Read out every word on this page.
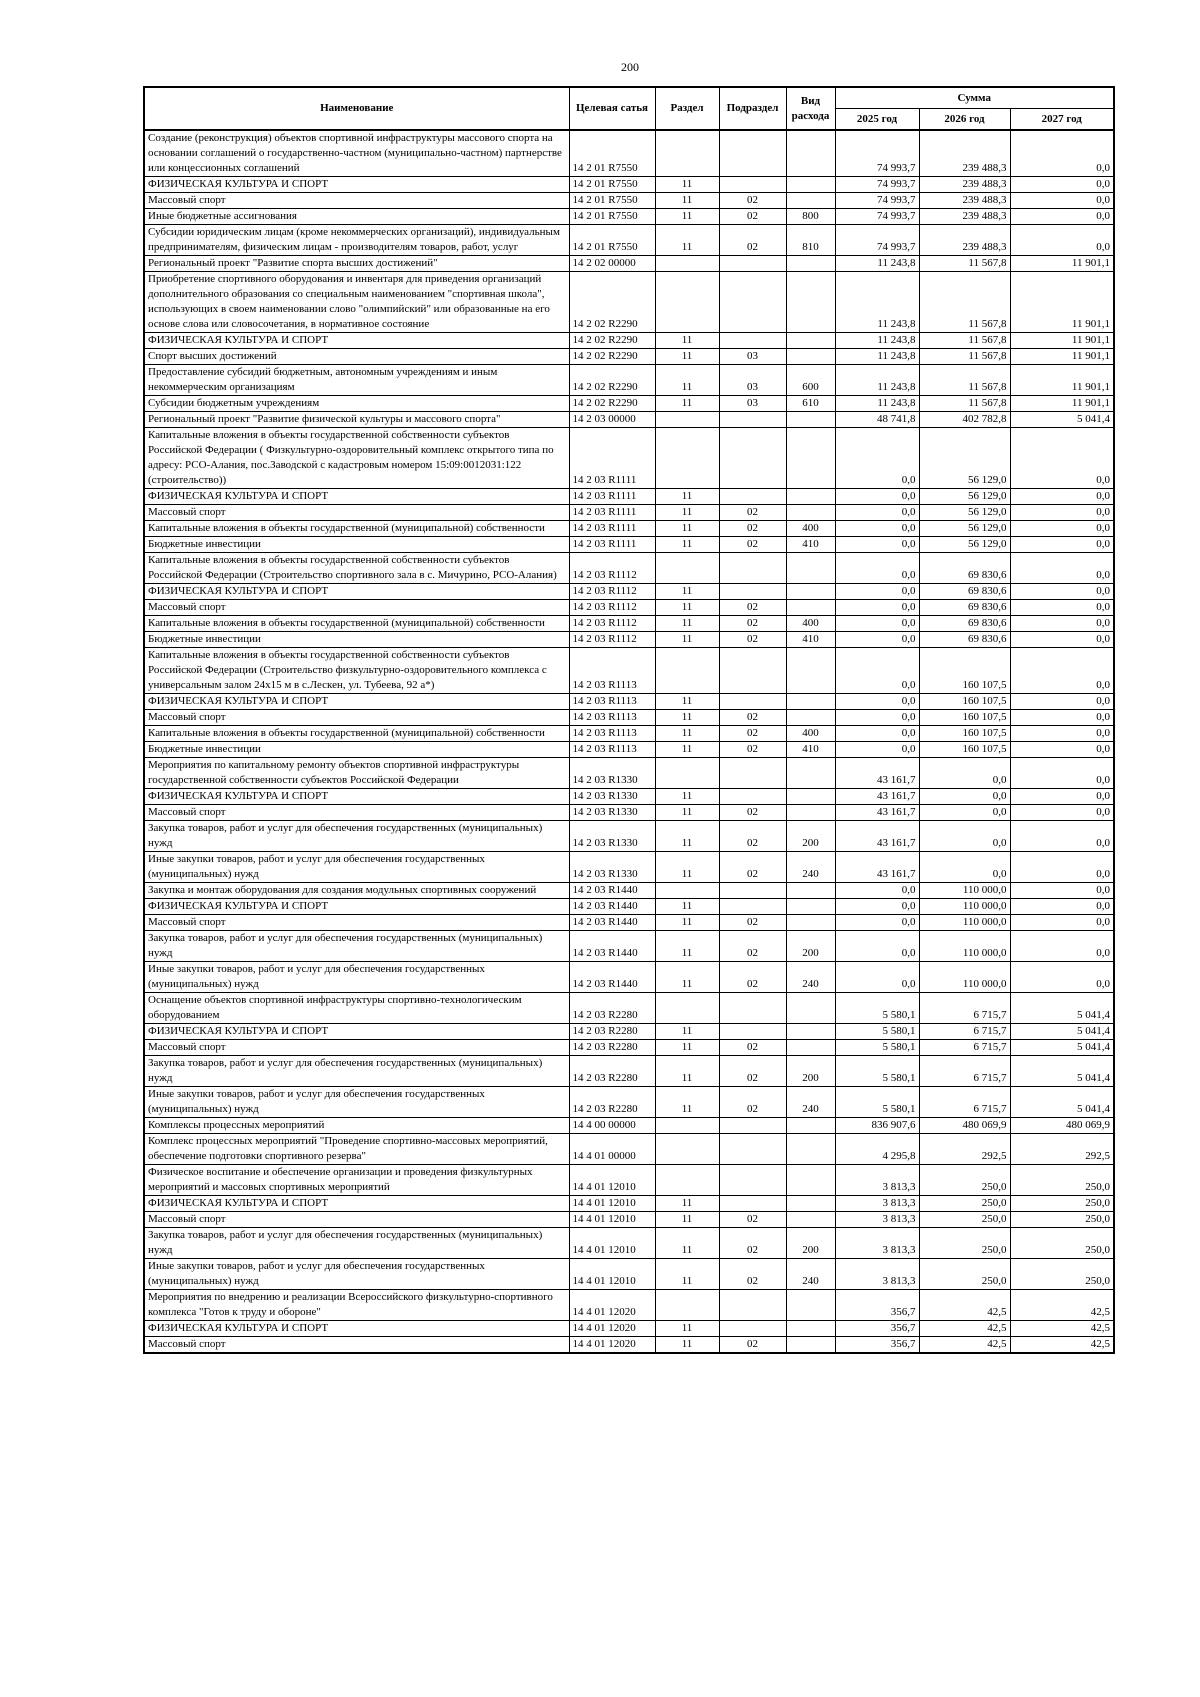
200
Наименование	Целевая сатья	Раздел	Подраздел	Вид расхода	Сумма		
					2025 год	2026 год	2027 год
Создание (реконструкция) объектов спортивной инфраструктуры массового спорта на основании соглашений о государственно-частном (муниципально-частном) партнерстве или концессионных соглашений	14 2 01 R7550				74 993,7	239 488,3	0,0
ФИЗИЧЕСКАЯ КУЛЬТУРА И СПОРТ	14 2 01 R7550	11			74 993,7	239 488,3	0,0
Массовый спорт	14 2 01 R7550	11	02		74 993,7	239 488,3	0,0
Иные бюджетные ассигнования	14 2 01 R7550	11	02	800	74 993,7	239 488,3	0,0
Субсидии юридическим лицам (кроме некоммерческих организаций), индивидуальным предпринимателям, физическим лицам - производителям товаров, работ, услуг	14 2 01 R7550	11	02	810	74 993,7	239 488,3	0,0
Региональный проект "Развитие спорта высших достижений"	14 2 02 00000				11 243,8	11 567,8	11 901,1
Приобретение спортивного оборудования и инвентаря для приведения организаций дополнительного образования со специальным наименованием "спортивная школа", использующих в своем наименовании слово "олимпийский" или образованные на его основе слова или словосочетания, в нормативное состояние	14 2 02 R2290				11 243,8	11 567,8	11 901,1
ФИЗИЧЕСКАЯ КУЛЬТУРА И СПОРТ	14 2 02 R2290	11			11 243,8	11 567,8	11 901,1
Спорт высших достижений	14 2 02 R2290	11	03		11 243,8	11 567,8	11 901,1
Предоставление субсидий бюджетным, автономным учреждениям и иным некоммерческим организациям	14 2 02 R2290	11	03	600	11 243,8	11 567,8	11 901,1
Субсидии бюджетным учреждениям	14 2 02 R2290	11	03	610	11 243,8	11 567,8	11 901,1
Региональный проект "Развитие физической культуры и массового спорта"	14 2 03 00000				48 741,8	402 782,8	5 041,4
Капитальные вложения в объекты государственной собственности субъектов Российской Федерации ( Физкультурно-оздоровительный комплекс открытого типа по адресу: РСО-Алания, пос.Заводской с кадастровым номером 15:09:0012031:122 (строительство))	14 2 03 R1111				0,0	56 129,0	0,0
ФИЗИЧЕСКАЯ КУЛЬТУРА И СПОРТ	14 2 03 R1111	11			0,0	56 129,0	0,0
Массовый спорт	14 2 03 R1111	11	02		0,0	56 129,0	0,0
Капитальные вложения в объекты государственной (муниципальной) собственности	14 2 03 R1111	11	02	400	0,0	56 129,0	0,0
Бюджетные инвестиции	14 2 03 R1111	11	02	410	0,0	56 129,0	0,0
Капитальные вложения в объекты государственной собственности субъектов Российской Федерации (Строительство спортивного зала в с. Мичурино, РСО-Алания)	14 2 03 R1112				0,0	69 830,6	0,0
ФИЗИЧЕСКАЯ КУЛЬТУРА И СПОРТ	14 2 03 R1112	11			0,0	69 830,6	0,0
Массовый спорт	14 2 03 R1112	11	02		0,0	69 830,6	0,0
Капитальные вложения в объекты государственной (муниципальной) собственности	14 2 03 R1112	11	02	400	0,0	69 830,6	0,0
Бюджетные инвестиции	14 2 03 R1112	11	02	410	0,0	69 830,6	0,0
Капитальные вложения в объекты государственной собственности субъектов Российской Федерации (Строительство физкультурно-оздоровительного комплекса с универсальным залом 24х15 м в с.Лескен, ул. Тубеева, 92 а*)	14 2 03 R1113				0,0	160 107,5	0,0
ФИЗИЧЕСКАЯ КУЛЬТУРА И СПОРТ	14 2 03 R1113	11			0,0	160 107,5	0,0
Массовый спорт	14 2 03 R1113	11	02		0,0	160 107,5	0,0
Капитальные вложения в объекты государственной (муниципальной) собственности	14 2 03 R1113	11	02	400	0,0	160 107,5	0,0
Бюджетные инвестиции	14 2 03 R1113	11	02	410	0,0	160 107,5	0,0
Мероприятия по капитальному ремонту объектов спортивной инфраструктуры государственной собственности субъектов Российской Федерации	14 2 03 R1330				43 161,7	0,0	0,0
ФИЗИЧЕСКАЯ КУЛЬТУРА И СПОРТ	14 2 03 R1330	11			43 161,7	0,0	0,0
Массовый спорт	14 2 03 R1330	11	02		43 161,7	0,0	0,0
Закупка товаров, работ и услуг для обеспечения государственных (муниципальных) нужд	14 2 03 R1330	11	02	200	43 161,7	0,0	0,0
Иные закупки товаров, работ и услуг для обеспечения государственных (муниципальных) нужд	14 2 03 R1330	11	02	240	43 161,7	0,0	0,0
Закупка и монтаж оборудования для создания модульных спортивных сооружений	14 2 03 R1440				0,0	110 000,0	0,0
ФИЗИЧЕСКАЯ КУЛЬТУРА И СПОРТ	14 2 03 R1440	11			0,0	110 000,0	0,0
Массовый спорт	14 2 03 R1440	11	02		0,0	110 000,0	0,0
Закупка товаров, работ и услуг для обеспечения государственных (муниципальных) нужд	14 2 03 R1440	11	02	200	0,0	110 000,0	0,0
Иные закупки товаров, работ и услуг для обеспечения государственных (муниципальных) нужд	14 2 03 R1440	11	02	240	0,0	110 000,0	0,0
Оснащение объектов спортивной инфраструктуры спортивно-технологическим оборудованием	14 2 03 R2280				5 580,1	6 715,7	5 041,4
ФИЗИЧЕСКАЯ КУЛЬТУРА И СПОРТ	14 2 03 R2280	11			5 580,1	6 715,7	5 041,4
Массовый спорт	14 2 03 R2280	11	02		5 580,1	6 715,7	5 041,4
Закупка товаров, работ и услуг для обеспечения государственных (муниципальных) нужд	14 2 03 R2280	11	02	200	5 580,1	6 715,7	5 041,4
Иные закупки товаров, работ и услуг для обеспечения государственных (муниципальных) нужд	14 2 03 R2280	11	02	240	5 580,1	6 715,7	5 041,4
Комплексы процессных мероприятий	14 4 00 00000				836 907,6	480 069,9	480 069,9
Комплекс процессных мероприятий "Проведение спортивно-массовых мероприятий, обеспечение подготовки спортивного резерва"	14 4 01 00000				4 295,8	292,5	292,5
Физическое воспитание и обеспечение организации и проведения физкультурных мероприятий и массовых спортивных мероприятий	14 4 01 12010				3 813,3	250,0	250,0
ФИЗИЧЕСКАЯ КУЛЬТУРА И СПОРТ	14 4 01 12010	11			3 813,3	250,0	250,0
Массовый спорт	14 4 01 12010	11	02		3 813,3	250,0	250,0
Закупка товаров, работ и услуг для обеспечения государственных (муниципальных) нужд	14 4 01 12010	11	02	200	3 813,3	250,0	250,0
Иные закупки товаров, работ и услуг для обеспечения государственных (муниципальных) нужд	14 4 01 12010	11	02	240	3 813,3	250,0	250,0
Мероприятия по внедрению и реализации Всероссийского физкультурно-спортивного комплекса "Готов к труду и обороне"	14 4 01 12020				356,7	42,5	42,5
ФИЗИЧЕСКАЯ КУЛЬТУРА И СПОРТ	14 4 01 12020	11			356,7	42,5	42,5
Массовый спорт	14 4 01 12020	11	02		356,7	42,5	42,5
